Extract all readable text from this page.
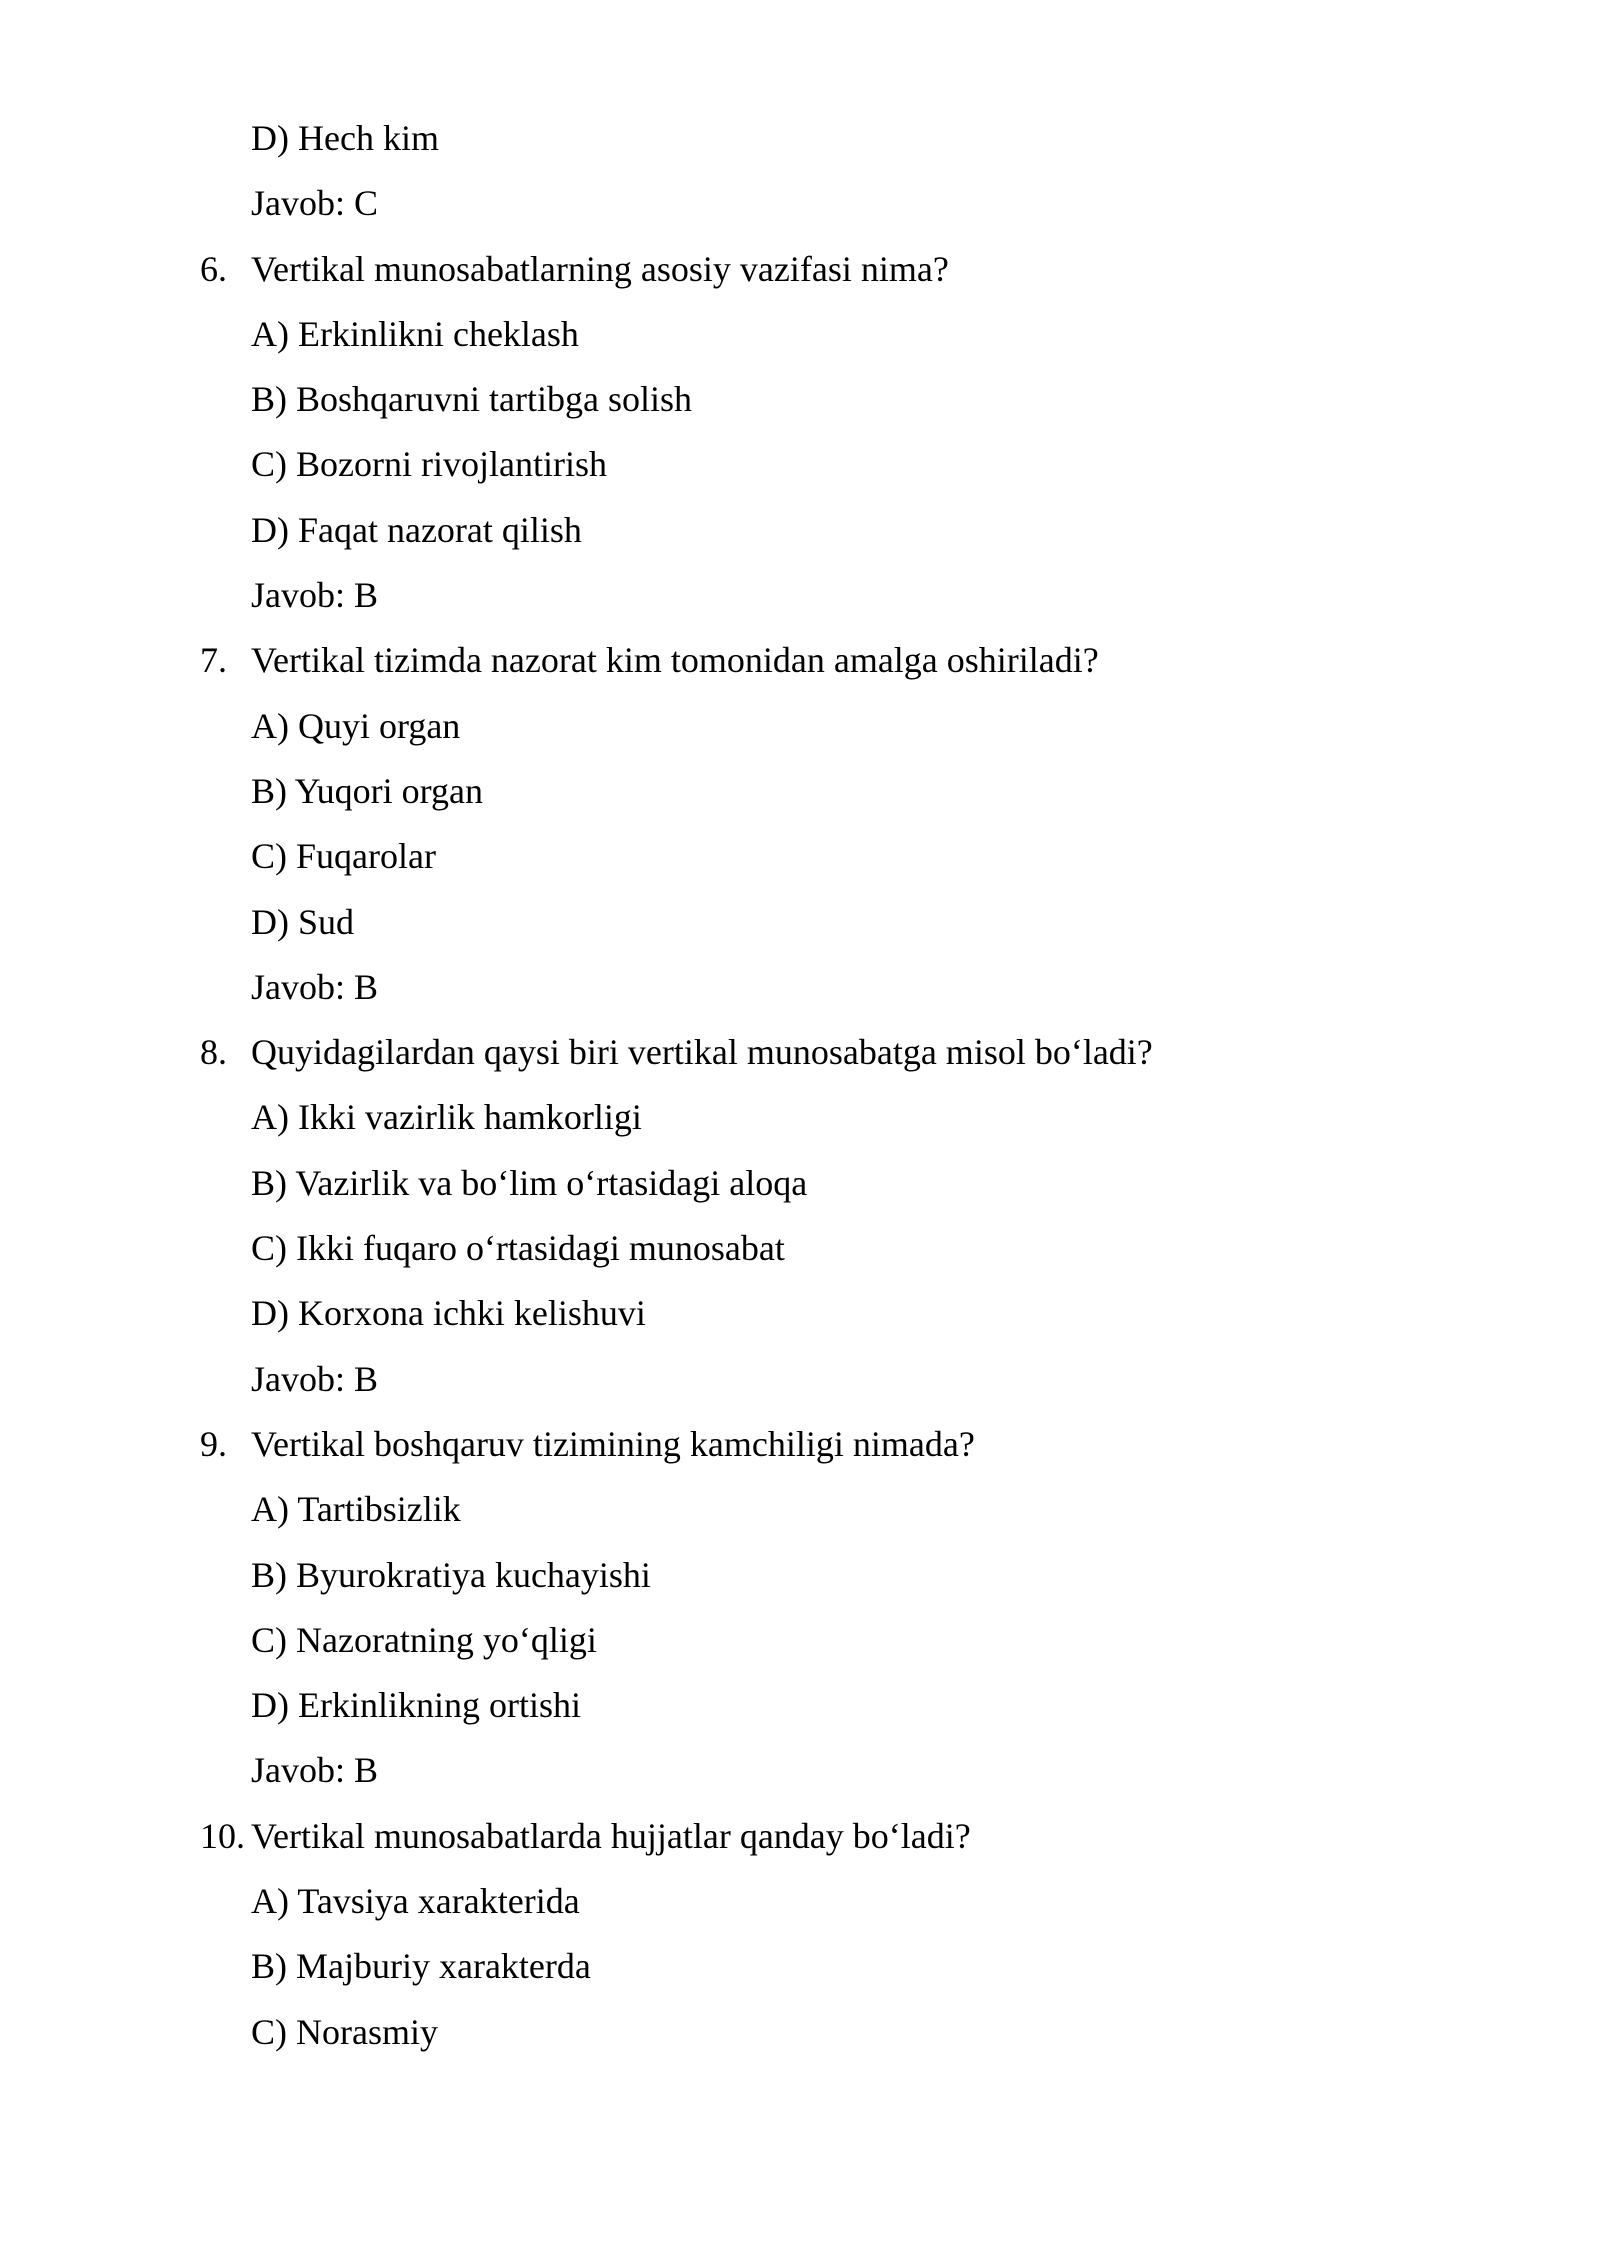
D) Hech kim
Javob: C
6. Vertikal munosabatlarning asosiy vazifasi nima?
A) Erkinlikni cheklash
B) Boshqaruvni tartibga solish
C) Bozorni rivojlantirish
D) Faqat nazorat qilish
Javob: B
7. Vertikal tizimda nazorat kim tomonidan amalga oshiriladi?
A) Quyi organ
B) Yuqori organ
C) Fuqarolar
D) Sud
Javob: B
8. Quyidagilardan qaysi biri vertikal munosabatga misol bo‘ladi?
A) Ikki vazirlik hamkorligi
B) Vazirlik va bo‘lim o‘rtasidagi aloqa
C) Ikki fuqaro o‘rtasidagi munosabat
D) Korxona ichki kelishuvi
Javob: B
9. Vertikal boshqaruv tizimining kamchiligi nimada?
A) Tartibsizlik
B) Byurokratiya kuchayishi
C) Nazoratning yo‘qligi
D) Erkinlikning ortishi
Javob: B
10. Vertikal munosabatlarda hujjatlar qanday bo‘ladi?
A) Tavsiya xarakterida
B) Majburiy xarakterda
C) Norasmiy
